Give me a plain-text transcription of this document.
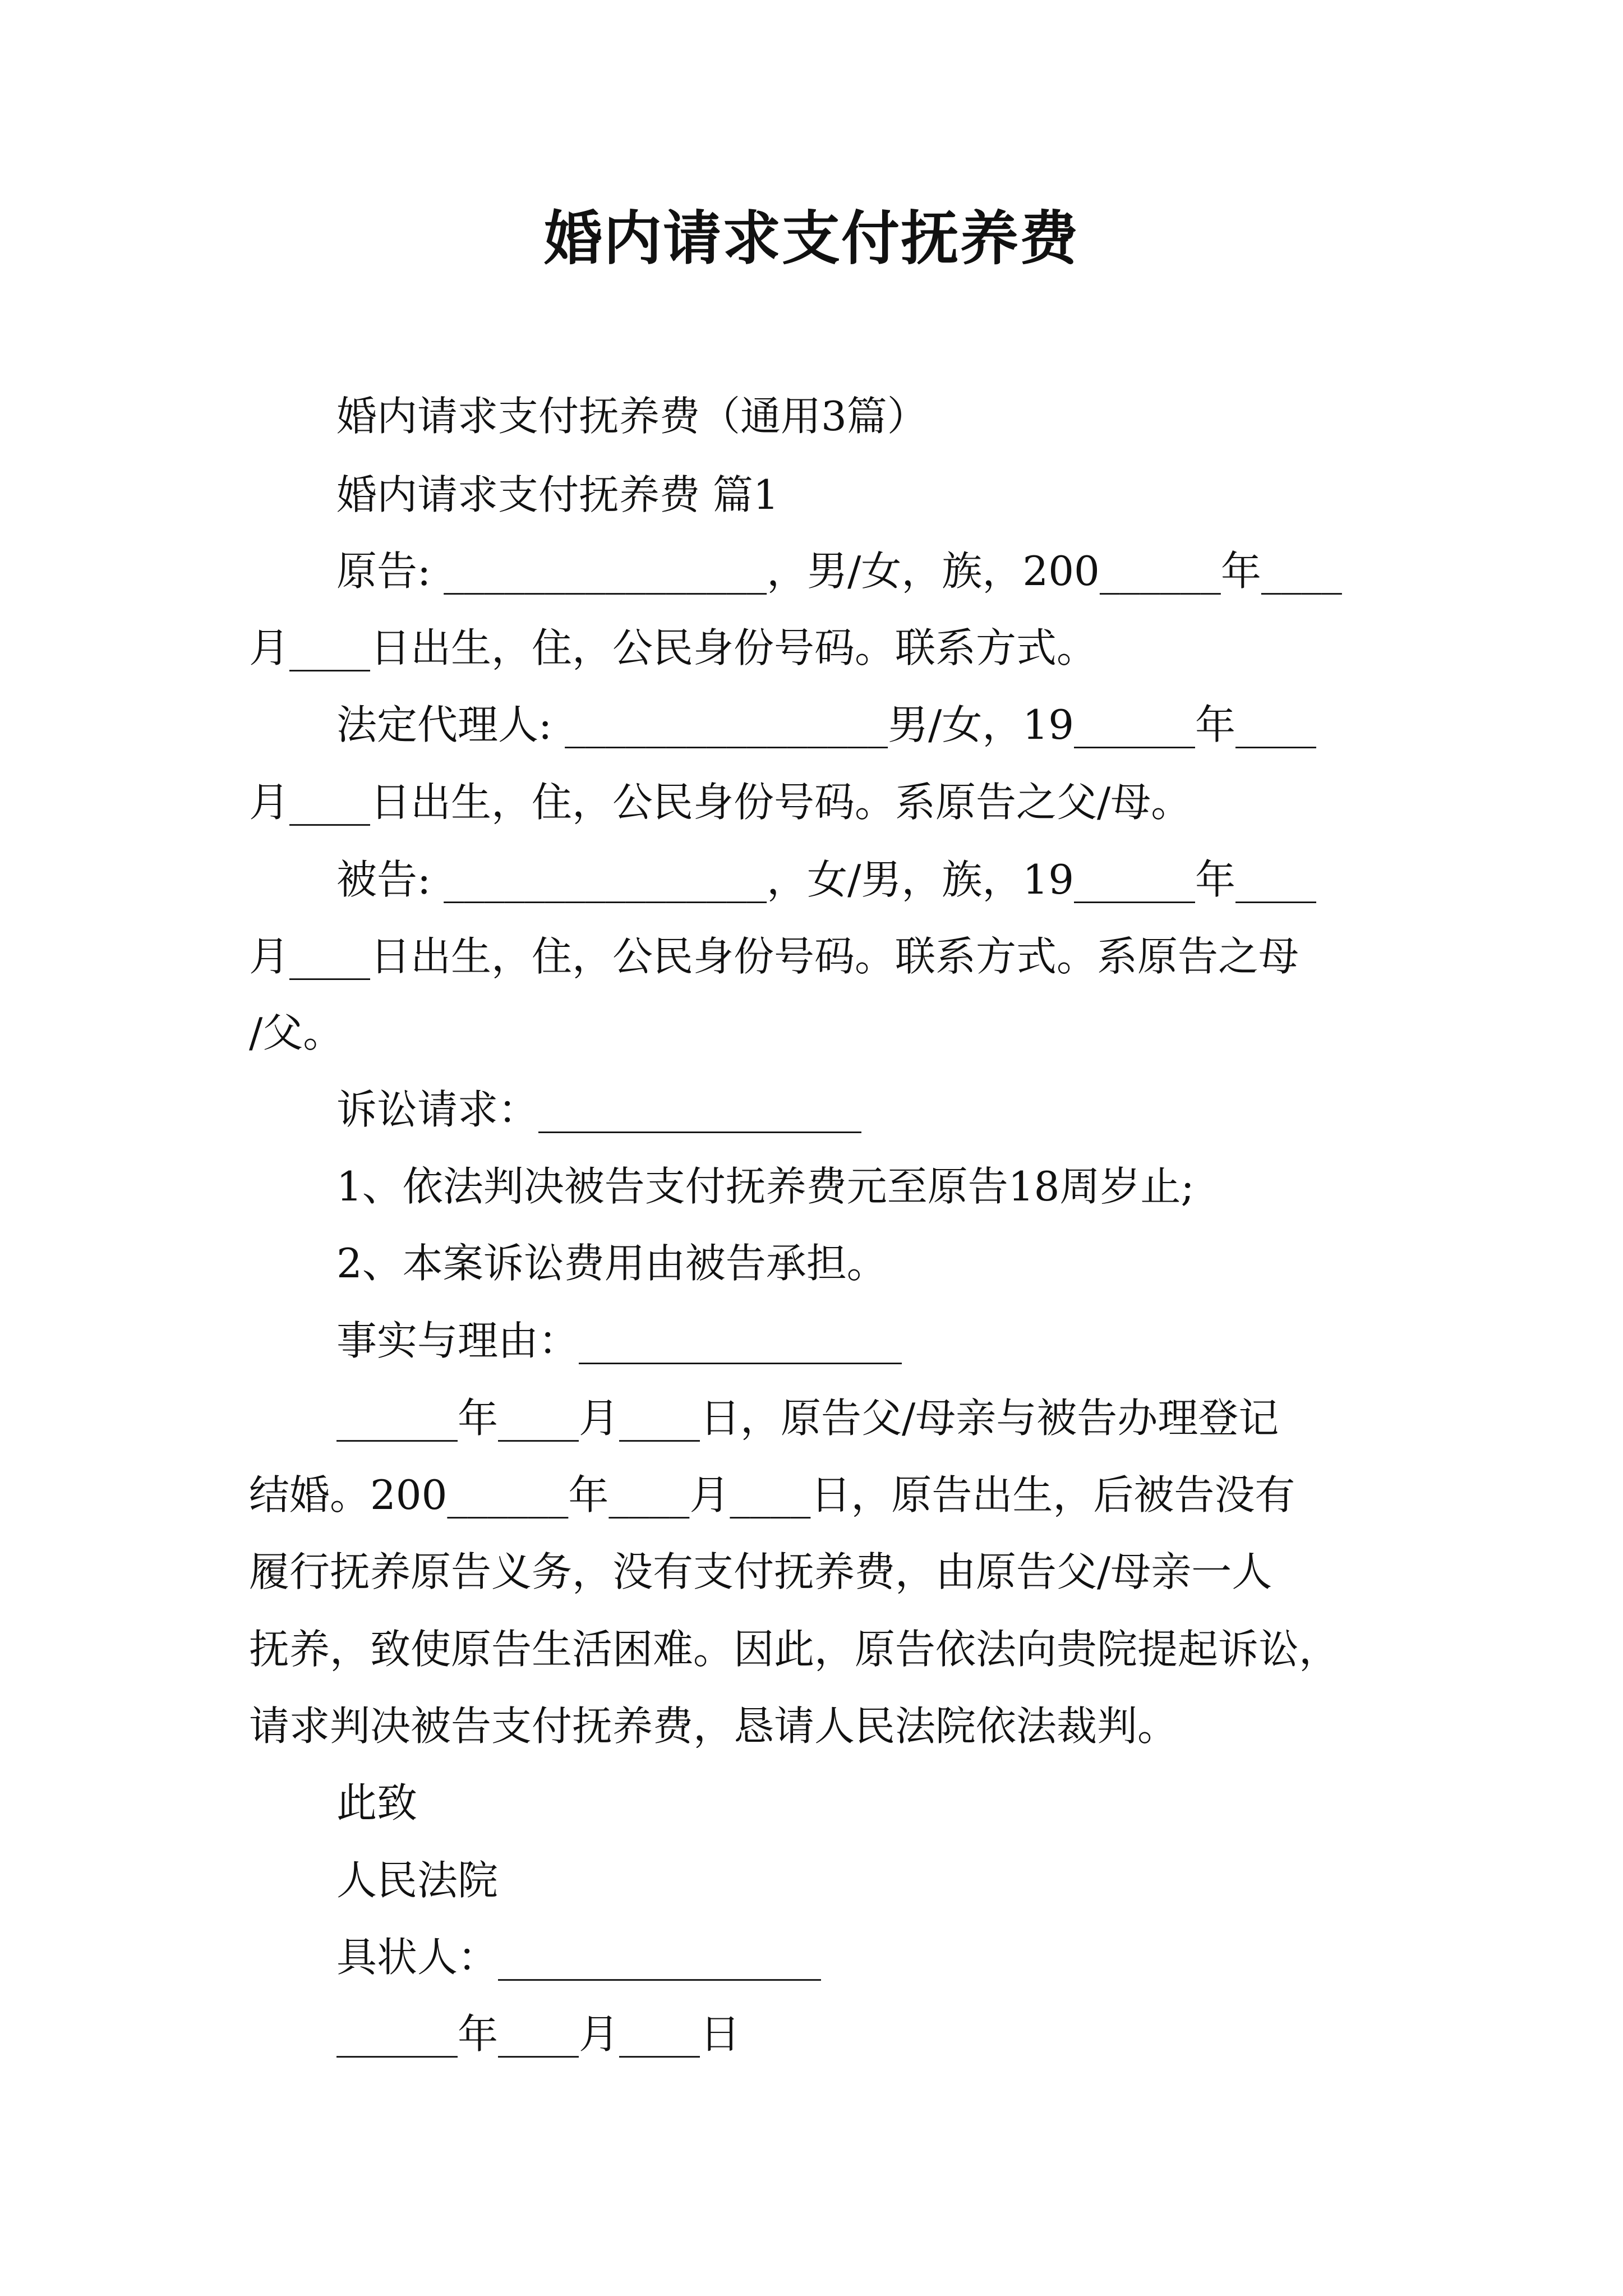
婚内请求支付抚养费
婚内请求支付抚养费（通用3篇）
婚内请求支付抚养费 篇1
原告: ________________，男/女，族，200______年____
月____日出生，住，公民身份号码。联系方式。
法定代理人: ________________男/女，19______年____
月____日出生，住，公民身份号码。系原告之父/母。
被告: ________________，女/男，族，19______年____
月____日出生，住，公民身份号码。联系方式。系原告之母
/父。
诉讼请求：________________
1、依法判决被告支付抚养费元至原告18周岁止;
2、本案诉讼费用由被告承担。
事实与理由：________________
______年____月____日，原告父/母亲与被告办理登记
结婚。200______年____月____日，原告出生，后被告没有
履行抚养原告义务，没有支付抚养费，由原告父/母亲一人
抚养，致使原告生活困难。因此，原告依法向贵院提起诉讼，
请求判决被告支付抚养费，恳请人民法院依法裁判。
此致
人民法院
具状人：________________
______年____月____日
